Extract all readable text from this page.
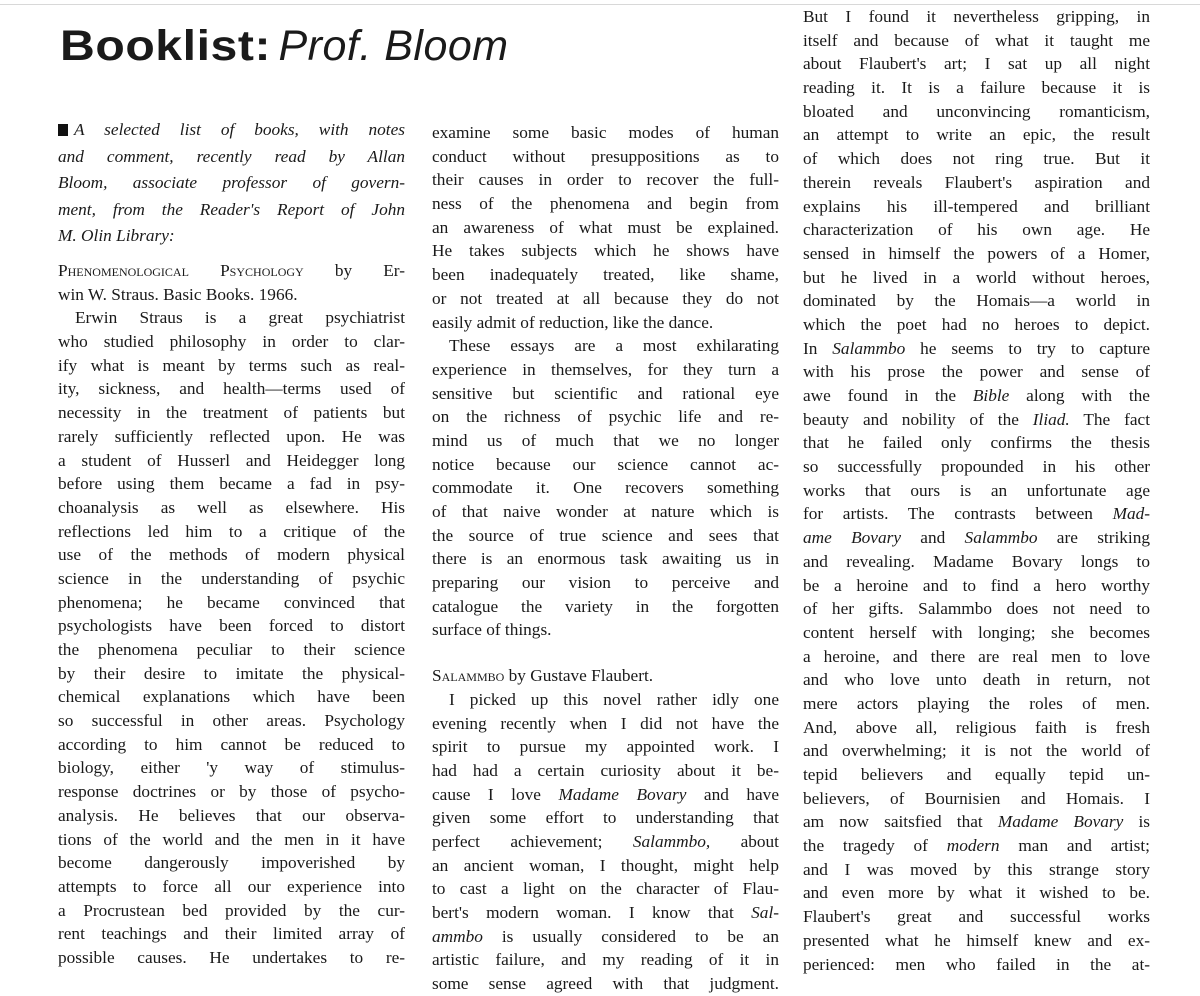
Booklist: Prof. Bloom
A selected list of books, with notes
and comment, recently read by Allan
Bloom, associate professor of govern-
ment, from the Reader's Report of John
M. Olin Library:
Phenomenological Psychology by Er-
win W. Straus. Basic Books. 1966.
Erwin Straus is a great psychiatrist
who studied philosophy in order to clar-
ify what is meant by terms such as real-
ity, sickness, and health—terms used of
necessity in the treatment of patients but
rarely sufficiently reflected upon. He was
a student of Husserl and Heidegger long
before using them became a fad in psy-
choanalysis as well as elsewhere. His
reflections led him to a critique of the
use of the methods of modern physical
science in the understanding of psychic
phenomena; he became convinced that
psychologists have been forced to distort
the phenomena peculiar to their science
by their desire to imitate the physical-
chemical explanations which have been
so successful in other areas. Psychology
according to him cannot be reduced to
biology, either 'y way of stimulus-
response doctrines or by those of psycho-
analysis. He believes that our observa-
tions of the world and the men in it have
become dangerously impoverished by
attempts to force all our experience into
a Procrustean bed provided by the cur-
rent teachings and their limited array of
possible causes. He undertakes to re-
examine some basic modes of human
conduct without presuppositions as to
their causes in order to recover the full-
ness of the phenomena and begin from
an awareness of what must be explained.
He takes subjects which he shows have
been inadequately treated, like shame,
or not treated at all because they do not
easily admit of reduction, like the dance.
These essays are a most exhilarating
experience in themselves, for they turn a
sensitive but scientific and rational eye
on the richness of psychic life and re-
mind us of much that we no longer
notice because our science cannot ac-
commodate it. One recovers something
of that naive wonder at nature which is
the source of true science and sees that
there is an enormous task awaiting us in
preparing our vision to perceive and
catalogue the variety in the forgotten
surface of things.
Salammbo by Gustave Flaubert.
I picked up this novel rather idly one
evening recently when I did not have the
spirit to pursue my appointed work. I
had had a certain curiosity about it be-
cause I love Madame Bovary and have
given some effort to understanding that
perfect achievement; Salammbo, about
an ancient woman, I thought, might help
to cast a light on the character of Flau-
bert's modern woman. I know that Sal-
ammbo is usually considered to be an
artistic failure, and my reading of it in
some sense agreed with that judgment.
But I found it nevertheless gripping, in
itself and because of what it taught me
about Flaubert's art; I sat up all night
reading it. It is a failure because it is
bloated and unconvincing romanticism,
an attempt to write an epic, the result
of which does not ring true. But it
therein reveals Flaubert's aspiration and
explains his ill-tempered and brilliant
characterization of his own age. He
sensed in himself the powers of a Homer,
but he lived in a world without heroes,
dominated by the Homais—a world in
which the poet had no heroes to depict.
In Salammbo he seems to try to capture
with his prose the power and sense of
awe found in the Bible along with the
beauty and nobility of the Iliad. The fact
that he failed only confirms the thesis
so successfully propounded in his other
works that ours is an unfortunate age
for artists. The contrasts between Mad-
ame Bovary and Salammbo are striking
and revealing. Madame Bovary longs to
be a heroine and to find a hero worthy
of her gifts. Salammbo does not need to
content herself with longing; she becomes
a heroine, and there are real men to love
and who love unto death in return, not
mere actors playing the roles of men.
And, above all, religious faith is fresh
and overwhelming; it is not the world of
tepid believers and equally tepid un-
believers, of Bournisien and Homais. I
am now saitsfied that Madame Bovary is
the tragedy of modern man and artist;
and I was moved by this strange story
and even more by what it wished to be.
Flaubert's great and successful works
presented what he himself knew and ex-
perienced: men who failed in the at-
